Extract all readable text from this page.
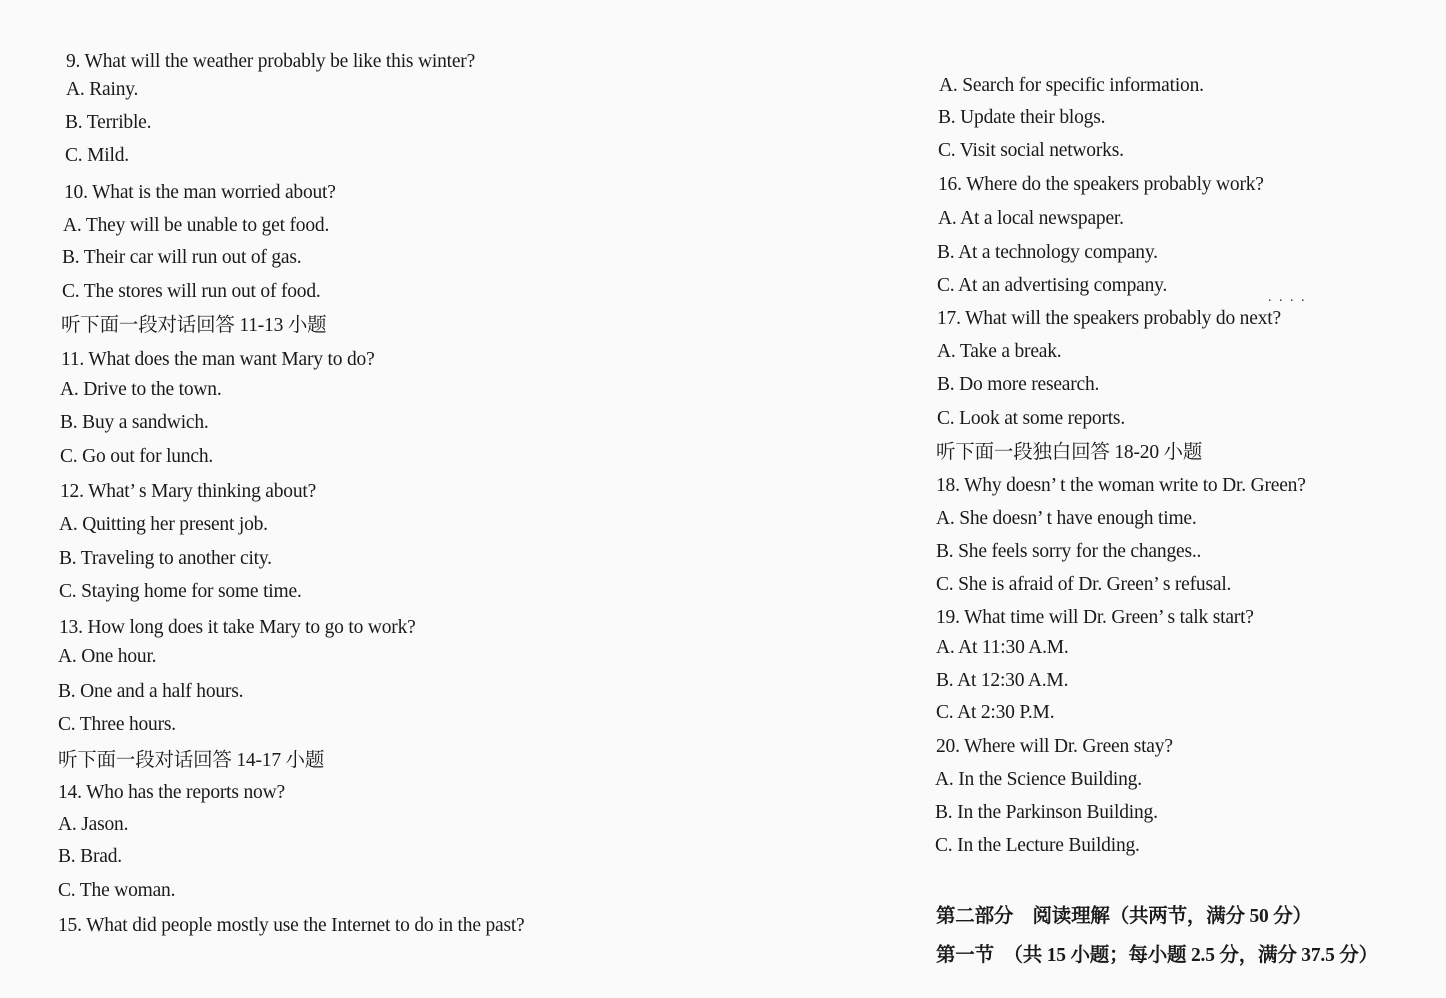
9. What will the weather probably be like this winter?
A. Rainy.
B. Terrible.
C. Mild.
10. What is the man worried about?
A. They will be unable to get food.
B. Their car will run out of gas.
C. The stores will run out of food.
听下面一段对话回答 11-13 小题
11. What does the man want Mary to do?
A. Drive to the town.
B. Buy a sandwich.
C. Go out for lunch.
12. What’ s Mary thinking about?
A. Quitting her present job.
B. Traveling to another city.
C. Staying home for some time.
13. How long does it take Mary to go to work?
A. One hour.
B. One and a half hours.
C. Three hours.
听下面一段对话回答 14-17 小题
14. Who has the reports now?
A. Jason.
B. Brad.
C. The woman.
15. What did people mostly use the Internet to do in the past?
A. Search for specific information.
B. Update their blogs.
C. Visit social networks.
16. Where do the speakers probably work?
A. At a local newspaper.
B. At a technology company.
C. At an advertising company.
17. What will the speakers probably do next?
A. Take a break.
B. Do more research.
C. Look at some reports.
听下面一段独白回答 18-20 小题
18. Why doesn’ t the woman write to Dr. Green?
A. She doesn’ t have enough time.
B. She feels sorry for the changes..
C. She is afraid of Dr. Green’ s refusal.
19. What time will Dr. Green’ s talk start?
A. At 11:30 A.M.
B. At 12:30 A.M.
C. At 2:30 P.M.
20. Where will Dr. Green stay?
A. In the Science Building.
B. In the Parkinson Building.
C. In the Lecture Building.
第二部分　阅读理解（共两节，满分 50 分）
第一节　（共 15 小题；每小题 2.5 分，满分 37.5 分）
. . . .
